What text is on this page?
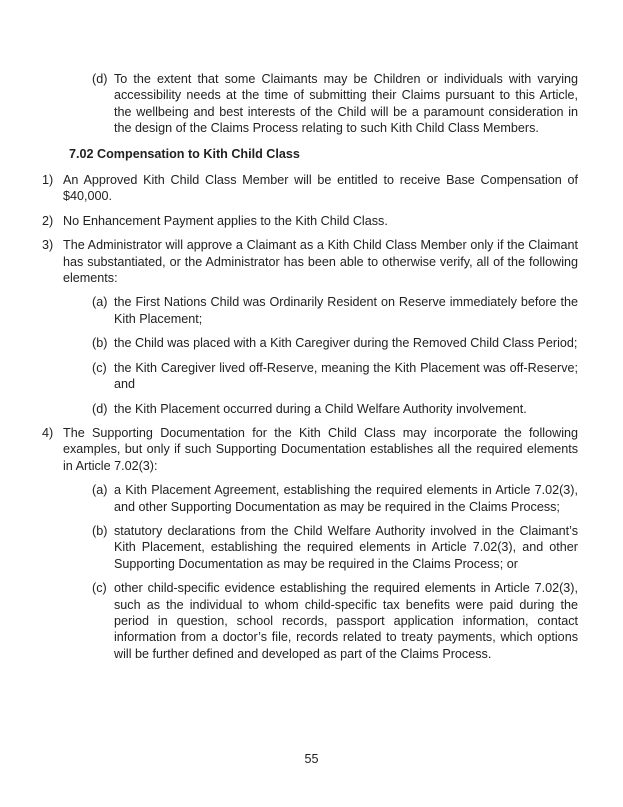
(d) To the extent that some Claimants may be Children or individuals with varying accessibility needs at the time of submitting their Claims pursuant to this Article, the wellbeing and best interests of the Child will be a paramount consideration in the design of the Claims Process relating to such Kith Child Class Members.
7.02 Compensation to Kith Child Class
1) An Approved Kith Child Class Member will be entitled to receive Base Compensation of $40,000.
2) No Enhancement Payment applies to the Kith Child Class.
3) The Administrator will approve a Claimant as a Kith Child Class Member only if the Claimant has substantiated, or the Administrator has been able to otherwise verify, all of the following elements:
(a) the First Nations Child was Ordinarily Resident on Reserve immediately before the Kith Placement;
(b) the Child was placed with a Kith Caregiver during the Removed Child Class Period;
(c) the Kith Caregiver lived off-Reserve, meaning the Kith Placement was off-Reserve; and
(d) the Kith Placement occurred during a Child Welfare Authority involvement.
4) The Supporting Documentation for the Kith Child Class may incorporate the following examples, but only if such Supporting Documentation establishes all the required elements in Article 7.02(3):
(a) a Kith Placement Agreement, establishing the required elements in Article 7.02(3), and other Supporting Documentation as may be required in the Claims Process;
(b) statutory declarations from the Child Welfare Authority involved in the Claimant’s Kith Placement, establishing the required elements in Article 7.02(3), and other Supporting Documentation as may be required in the Claims Process; or
(c) other child-specific evidence establishing the required elements in Article 7.02(3), such as the individual to whom child-specific tax benefits were paid during the period in question, school records, passport application information, contact information from a doctor’s file, records related to treaty payments, which options will be further defined and developed as part of the Claims Process.
55
